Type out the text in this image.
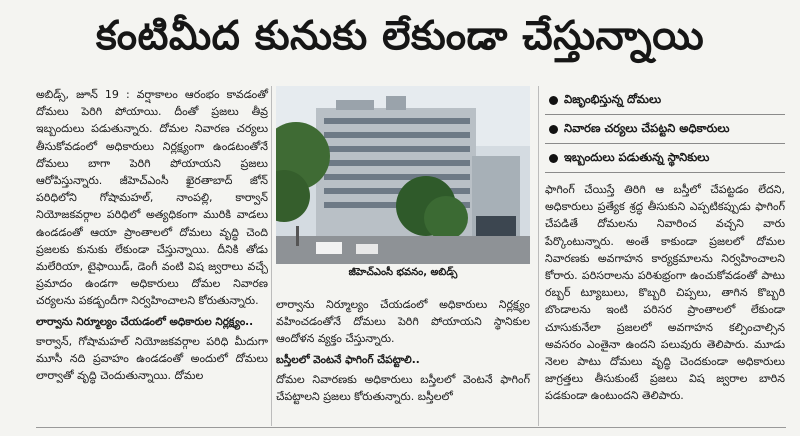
కంటిమీద కునుకు లేకుండా చేస్తున్నాయి

అబిడ్స్‌, జూన్‌ 19 : వర్షాకాలం ఆరంభం కావడంతో దోమలు పెరిగి పోయాయి. దీంతో ప్రజలు తీవ్ర ఇబ్బందులు పడుతున్నారు. దోమల నివారణ చర్యలు తీసుకోవడంలో అధికారులు నిర్లక్ష్యంగా ఉండటంతోనే దోమలు బాగా పెరిగి పోయాయని ప్రజలు ఆరోపిస్తున్నారు. జీహెచ్‌ఎంసీ ఖైరతాబాద్‌ జోన్‌ పరిధిలోని గోషామహల్‌, నాంపల్లి, కార్వాన్‌ నియోజకవర్గాల పరిధిలో అత్యధికంగా మురికి వాడలు ఉండడంతో ఆయా ప్రాంతాలలో దోమలు వృద్ధి చెంది ప్రజలకు కునుకు లేకుండా చేస్తున్నాయి. దీనికి తోడు మలేరియా, టైఫాయిడ్‌, డెంగీ వంటి విష జ్వరాలు వచ్చే ప్రమాదం ఉండగా అధికారులు దోమల నివారణ చర్యలను పకడ్బందీగా నిర్వహించాలని కోరుతున్నారు.

లార్వాను నిర్మూల్యం చేయడంలో అధికారుల నిర్లక్ష్యం..

కార్వాన్‌, గోషామహల్‌ నియోజకవర్గాల పరిధి మీదుగా మూసీ నది ప్రవాహం ఉండడంతో అందులో దోమలు లార్వాతో వృద్ధి చెందుతున్నాయి. దోమల

జీహెచ్‌ఎంసీ భవనం, అబిడ్స్

లార్వాను నిర్మూల్యం చేయడంలో అధికారులు నిర్లక్ష్యం వహించడంతోనే దోమలు పెరిగి పోయాయని స్థానికుల ఆందోళన వ్యక్తం చేస్తున్నారు.

బస్తీలలో వెంటనే ఫాగింగ్‌ చేపట్టాలి..

దోమల నివారణకు అధికారులు బస్తీలలో వెంటనే ఫాగింగ్‌ చేపట్టాలని ప్రజలు కోరుతున్నారు. బస్తీలలో

విజృంభిస్తున్న దోమలు
నివారణ చర్యలు చేపట్టని అధికారులు
ఇబ్బందులు పడుతున్న స్థానికులు

ఫాగింగ్‌ చేయిస్తే తిరిగి ఆ బస్తీలో చేపట్టడం లేదని, అధికారులు ప్రత్యేక శ్రద్ధ తీసుకుని ఎప్పటికప్పుడు ఫాగింగ్‌ చేపడితే దోమలను నివారించ వచ్చని వారు పేర్కొంటున్నారు. అంతే కాకుండా ప్రజలలో దోమల నివారణకు అవగాహన కార్యక్రమాలను నిర్వహించాలని కోరారు. పరిసరాలను పరిశుభ్రంగా ఉంచుకోవడంతో పాటు రబ్బర్‌ ట్యూబులు, కొబ్బరి చిప్పలు, తాగిన కొబ్బరి బొండాలను ఇంటి పరిసర ప్రాంతాలలో లేకుండా చూసుకునేలా ప్రజలలో అవగాహన కల్పించాల్సిన అవసరం ఎంతైనా ఉందని పలువురు తెలిపారు. మూడు నెలల పాటు దోమలు వృద్ధి చెందకుండా అధికారులు జాగ్రత్తలు తీసుకుంటే ప్రజలు విష జ్వరాల బారిన పడకుండా ఉంటుందని తెలిపారు.
